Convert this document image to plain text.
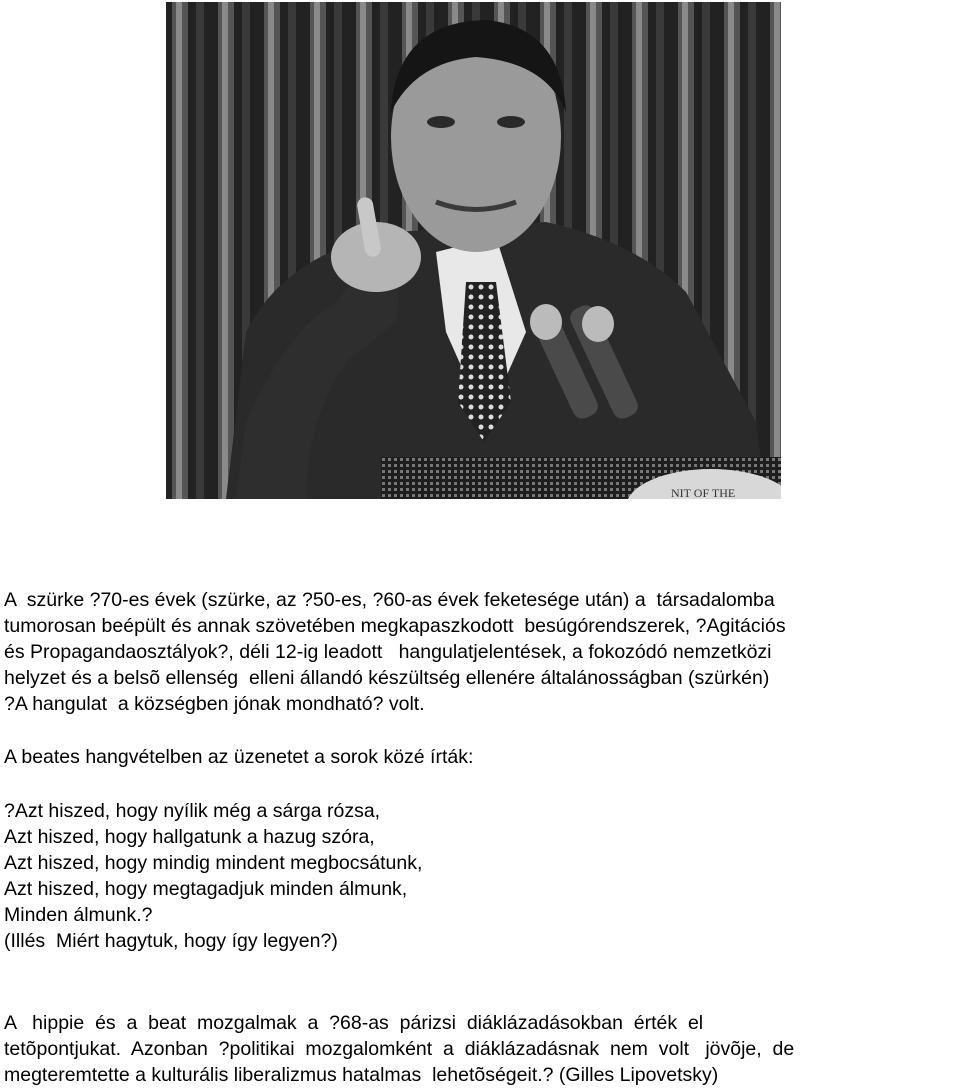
NIT OF THE
A  szürke ?70-es évek (szürke, az ?50-es, ?60-as évek feketesége után) a  társadalomba
tumorosan beépült és annak szövetében megkapaszkodott  besúgórendszerek, ?Agitációs
és Propagandaosztályok?, déli 12-ig leadott   hangulatjelentések, a fokozódó nemzetközi
helyzet és a belsõ ellenség  elleni állandó készültség ellenére általánosságban (szürkén)
?A hangulat  a községben jónak mondható? volt.
A beates hangvételben az üzenetet a sorok közé írták:
?Azt hiszed, hogy nyílik még a sárga rózsa,
Azt hiszed, hogy hallgatunk a hazug szóra,
Azt hiszed, hogy mindig mindent megbocsátunk,
Azt hiszed, hogy megtagadjuk minden álmunk,
Minden álmunk.?
(Illés  Miért hagytuk, hogy így legyen?)
A   hippie  és  a  beat  mozgalmak  a  ?68-as  párizsi  diáklázadásokban  érték  el
tetõpontjukat.  Azonban  ?politikai  mozgalomként  a  diáklázadásnak  nem  volt   jövõje,  de
megteremtette a kulturális liberalizmus hatalmas  lehetõségeit.? (Gilles Lipovetsky)
